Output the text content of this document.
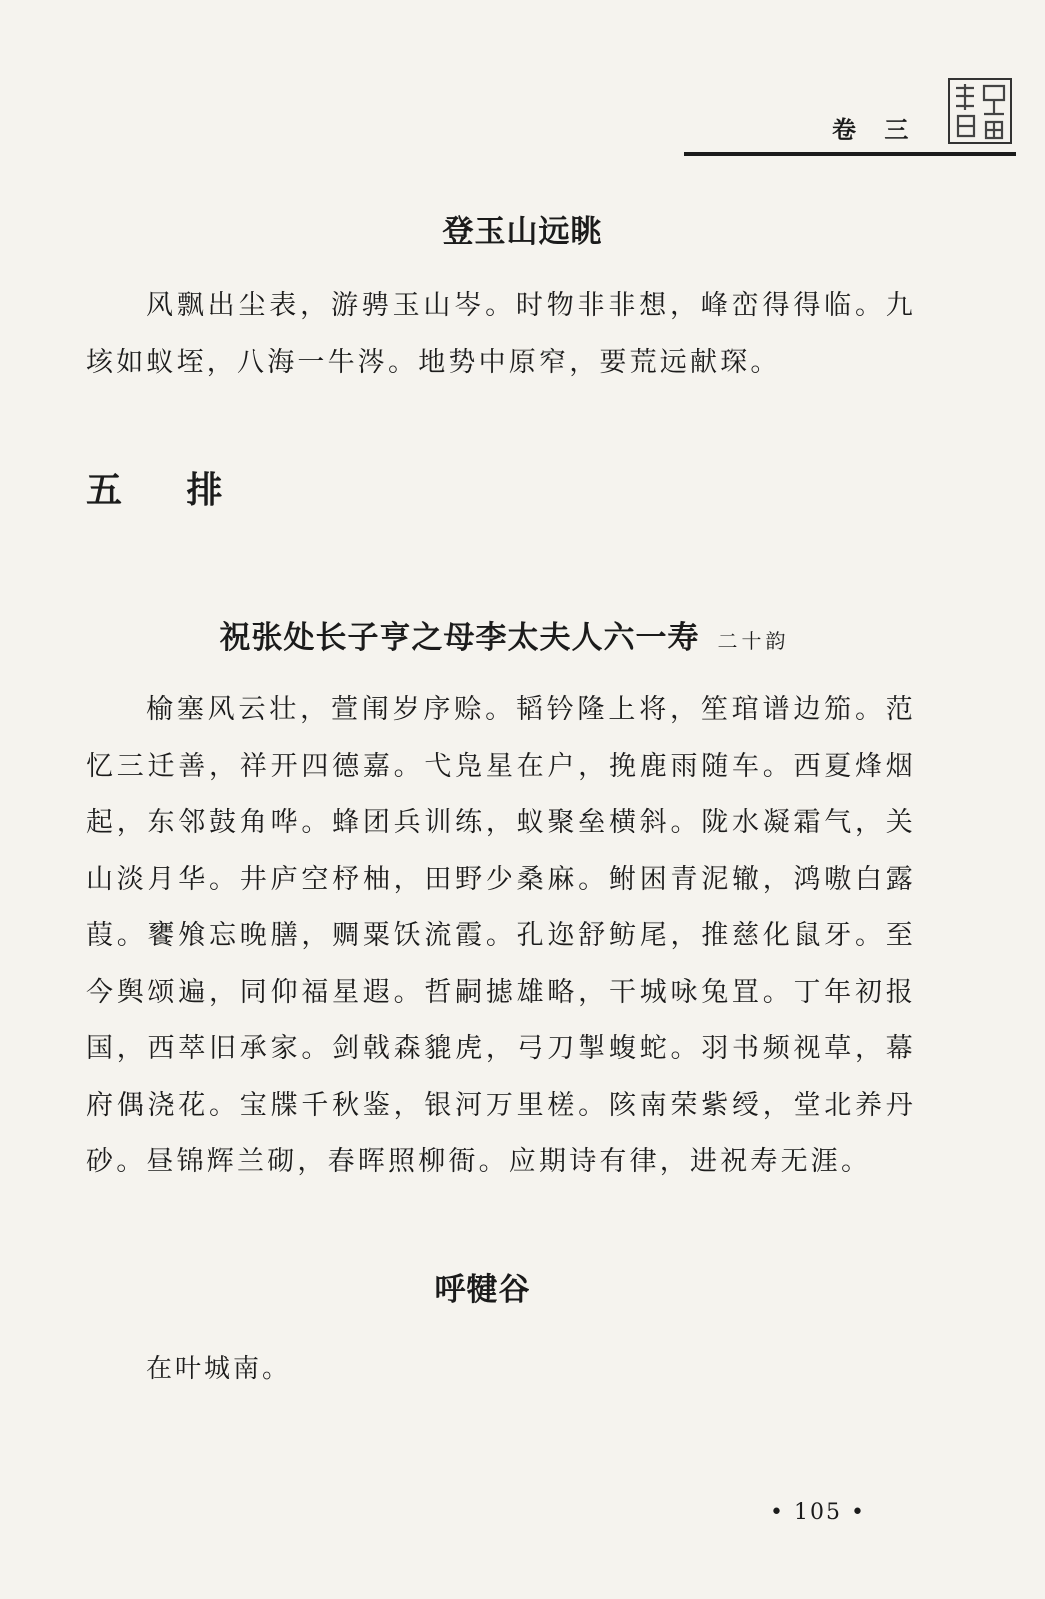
卷 三
登玉山远眺

风飘出尘表，游骋玉山岑。时物非非想，峰峦得得临。九垓如蚁垤，八海一牛涔。地势中原窄，要荒远献琛。

五 排
祝张处长子亨之母李太夫人六一寿 二十韵

榆塞风云壮，萱闱岁序赊。韬钤隆上将，笙琯谱边笳。范忆三迁善，祥开四德嘉。弋凫星在户，挽鹿雨随车。西夏烽烟起，东邻鼓角哗。蜂团兵训练，蚁聚垒横斜。陇水凝霜气，关山淡月华。井庐空杼柚，田野少桑麻。鲋困青泥辙，鸿嗷白露葭。饔飧忘晚膳，赒粟饫流霞。孔迩舒鲂尾，推慈化鼠牙。至今舆颂遍，同仰福星遐。哲嗣摅雄略，干城咏兔罝。丁年初报国，西萃旧承家。剑戟森貔虎，弓刀掣蝮蛇。羽书频视草，幕府偶浇花。宝牒千秋鉴，银河万里槎。陔南荣紫绶，堂北养丹砂。昼锦辉兰砌，春晖照柳衙。应期诗有律，进祝寿无涯。

呼犍谷
在叶城南。
• 105 •
